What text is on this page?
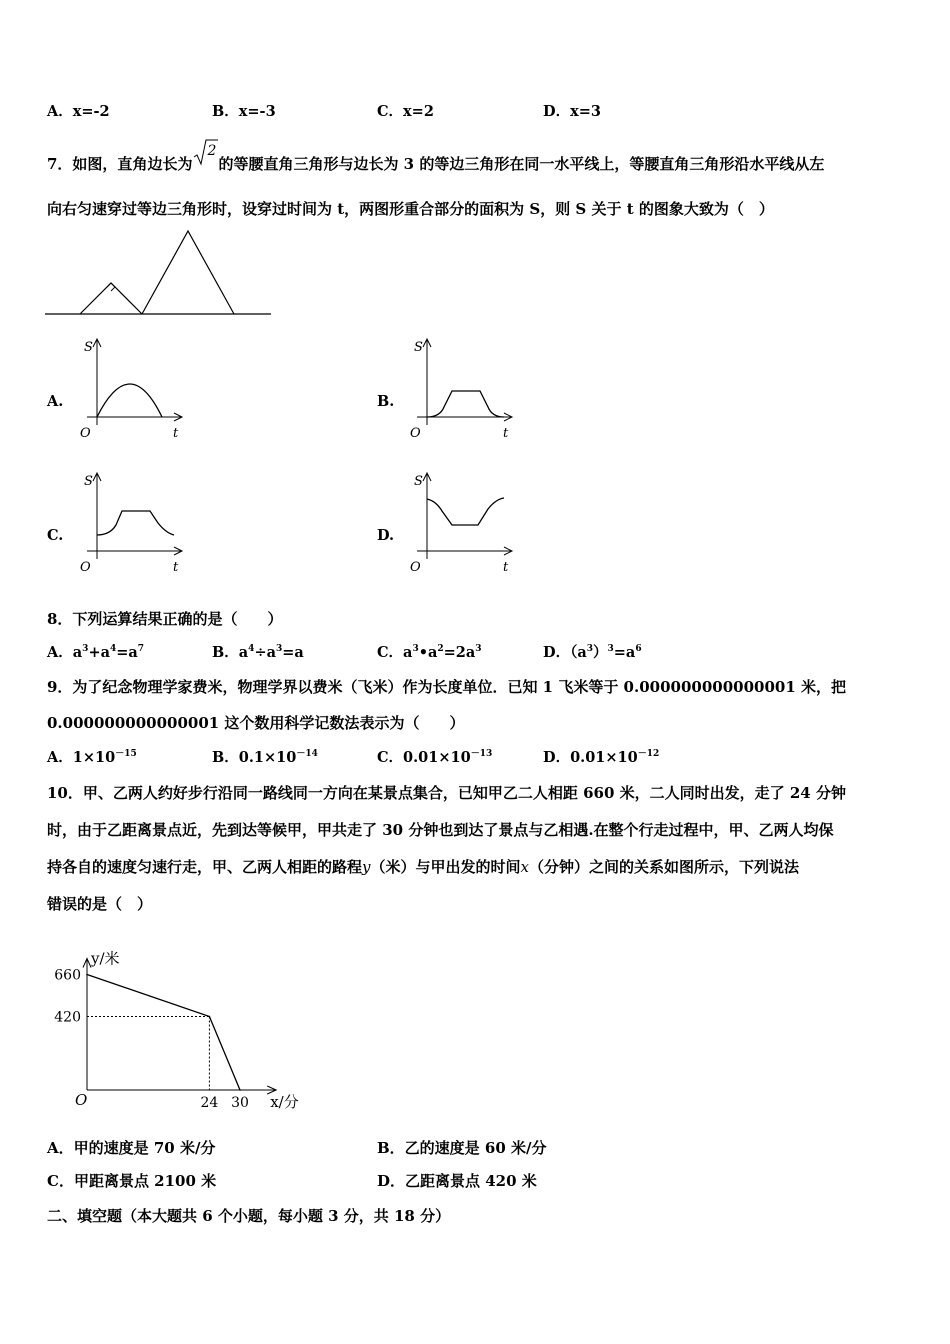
A．x=-2	B．x=-3	C．x=2	D．x=3
7．如图，直角边长为
2
的等腰直角三角形与边长为 3 的等边三角形在同一水平线上，等腰直角三角形沿水平线从左
向右匀速穿过等边三角形时，设穿过时间为 t，两图形重合部分的面积为 S，则 S 关于 t 的图象大致为（　）
A.	B.
C.	D.
S
t
O
S
t
O
S
t
O
S
t
O
8．下列运算结果正确的是（　　）
A．$a^3+a^4=a^7$	B．$a^4\div a^3=a$	C．$a^3•a^2=2a^3$	D．$(a^3)^3=a^6$
9．为了纪念物理学家费米，物理学界以费米（飞米）作为长度单位．已知 1 飞米等于 0.000000000000001 米，把
0.000000000000001 这个数用科学记数法表示为（　　）
A．$1\times 10^{-15}$	B．$0.1\times 10^{-14}$	C．$0.01\times 10^{-13}$	D．$0.01\times 10^{-12}$
10．甲、乙两人约好步行沿同一路线同一方向在某景点集合，已知甲乙二人相距 660 米，二人同时出发，走了 24 分钟
时，由于乙距离景点近，先到达等候甲，甲共走了 30 分钟也到达了景点与乙相遇.在整个行走过程中，甲、乙两人均保
持各自的速度匀速行走，甲、乙两人相距的路程y（米）与甲出发的时间x（分钟）之间的关系如图所示，下列说法
错误的是（　）
y/米
x/分
O
660
420
24 30
A．甲的速度是 70 米/分	B．乙的速度是 60 米/分
C．甲距离景点 2100 米	D．乙距离景点 420 米
二、填空题（本大题共 6 个小题，每小题 3 分，共 18 分）
